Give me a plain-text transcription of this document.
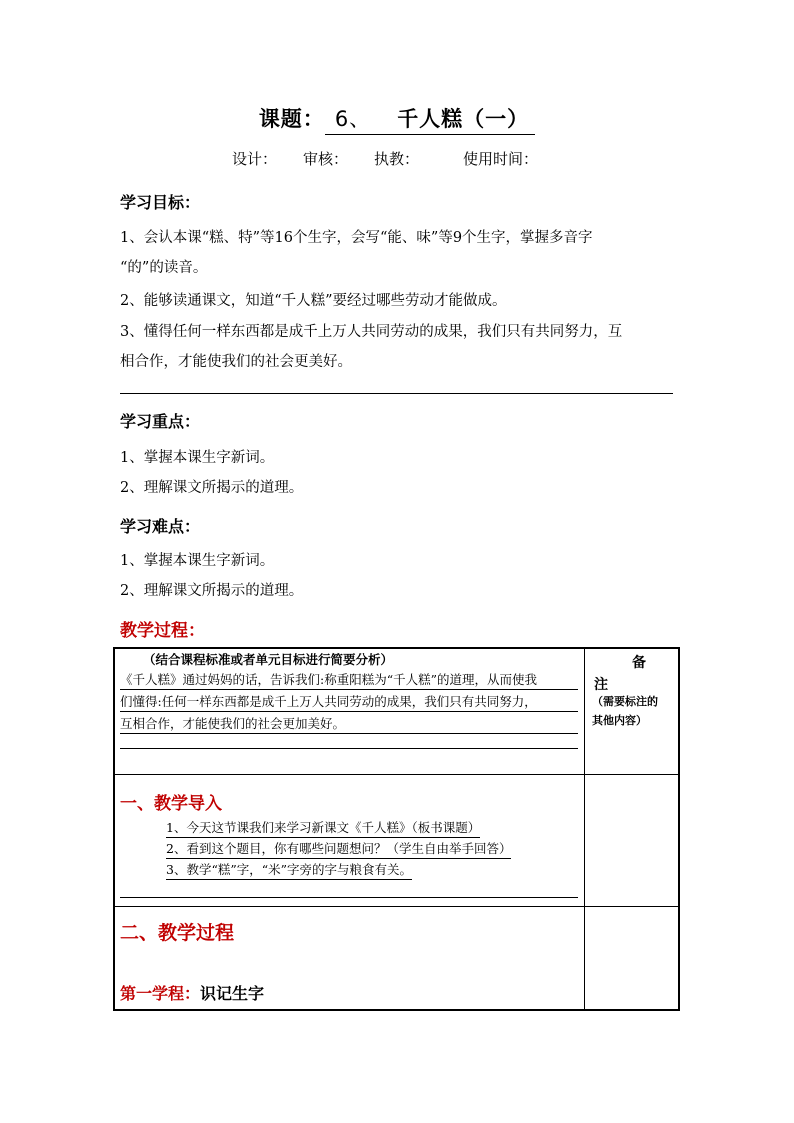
课题： 6、 千人糕（一）
设计： 审核： 执教：	使用时间：
学习目标：
1、会认本课“糕、特”等16个生字，会写“能、味”等9个生字，掌握多音字
“的”的读音。
2、能够读通课文，知道“千人糕”要经过哪些劳动才能做成。
3、懂得任何一样东西都是成千上万人共同劳动的成果，我们只有共同努力，互
相合作，才能使我们的社会更美好。
学习重点：
1、掌握本课生字新词。
2、理解课文所揭示的道理。
学习难点：
1、掌握本课生字新词。
2、理解课文所揭示的道理。
教学过程：
（结合课程标准或者单元目标进行简要分析）
《千人糕》通过妈妈的话，告诉我们:称重阳糕为“千人糕”的道理，从而使我
们懂得:任何一样东西都是成千上万人共同劳动的成果，我们只有共同努力，
互相合作，才能使我们的社会更加美好。
备
注
（需要标注的
其他内容）
一、教学导入
1、今天这节课我们来学习新课文《千人糕》（板书课题）
2、看到这个题目，你有哪些问题想问？（学生自由举手回答）
3、教学“糕”字，“米”字旁的字与粮食有关。
二、教学过程
第一学程：识记生字
